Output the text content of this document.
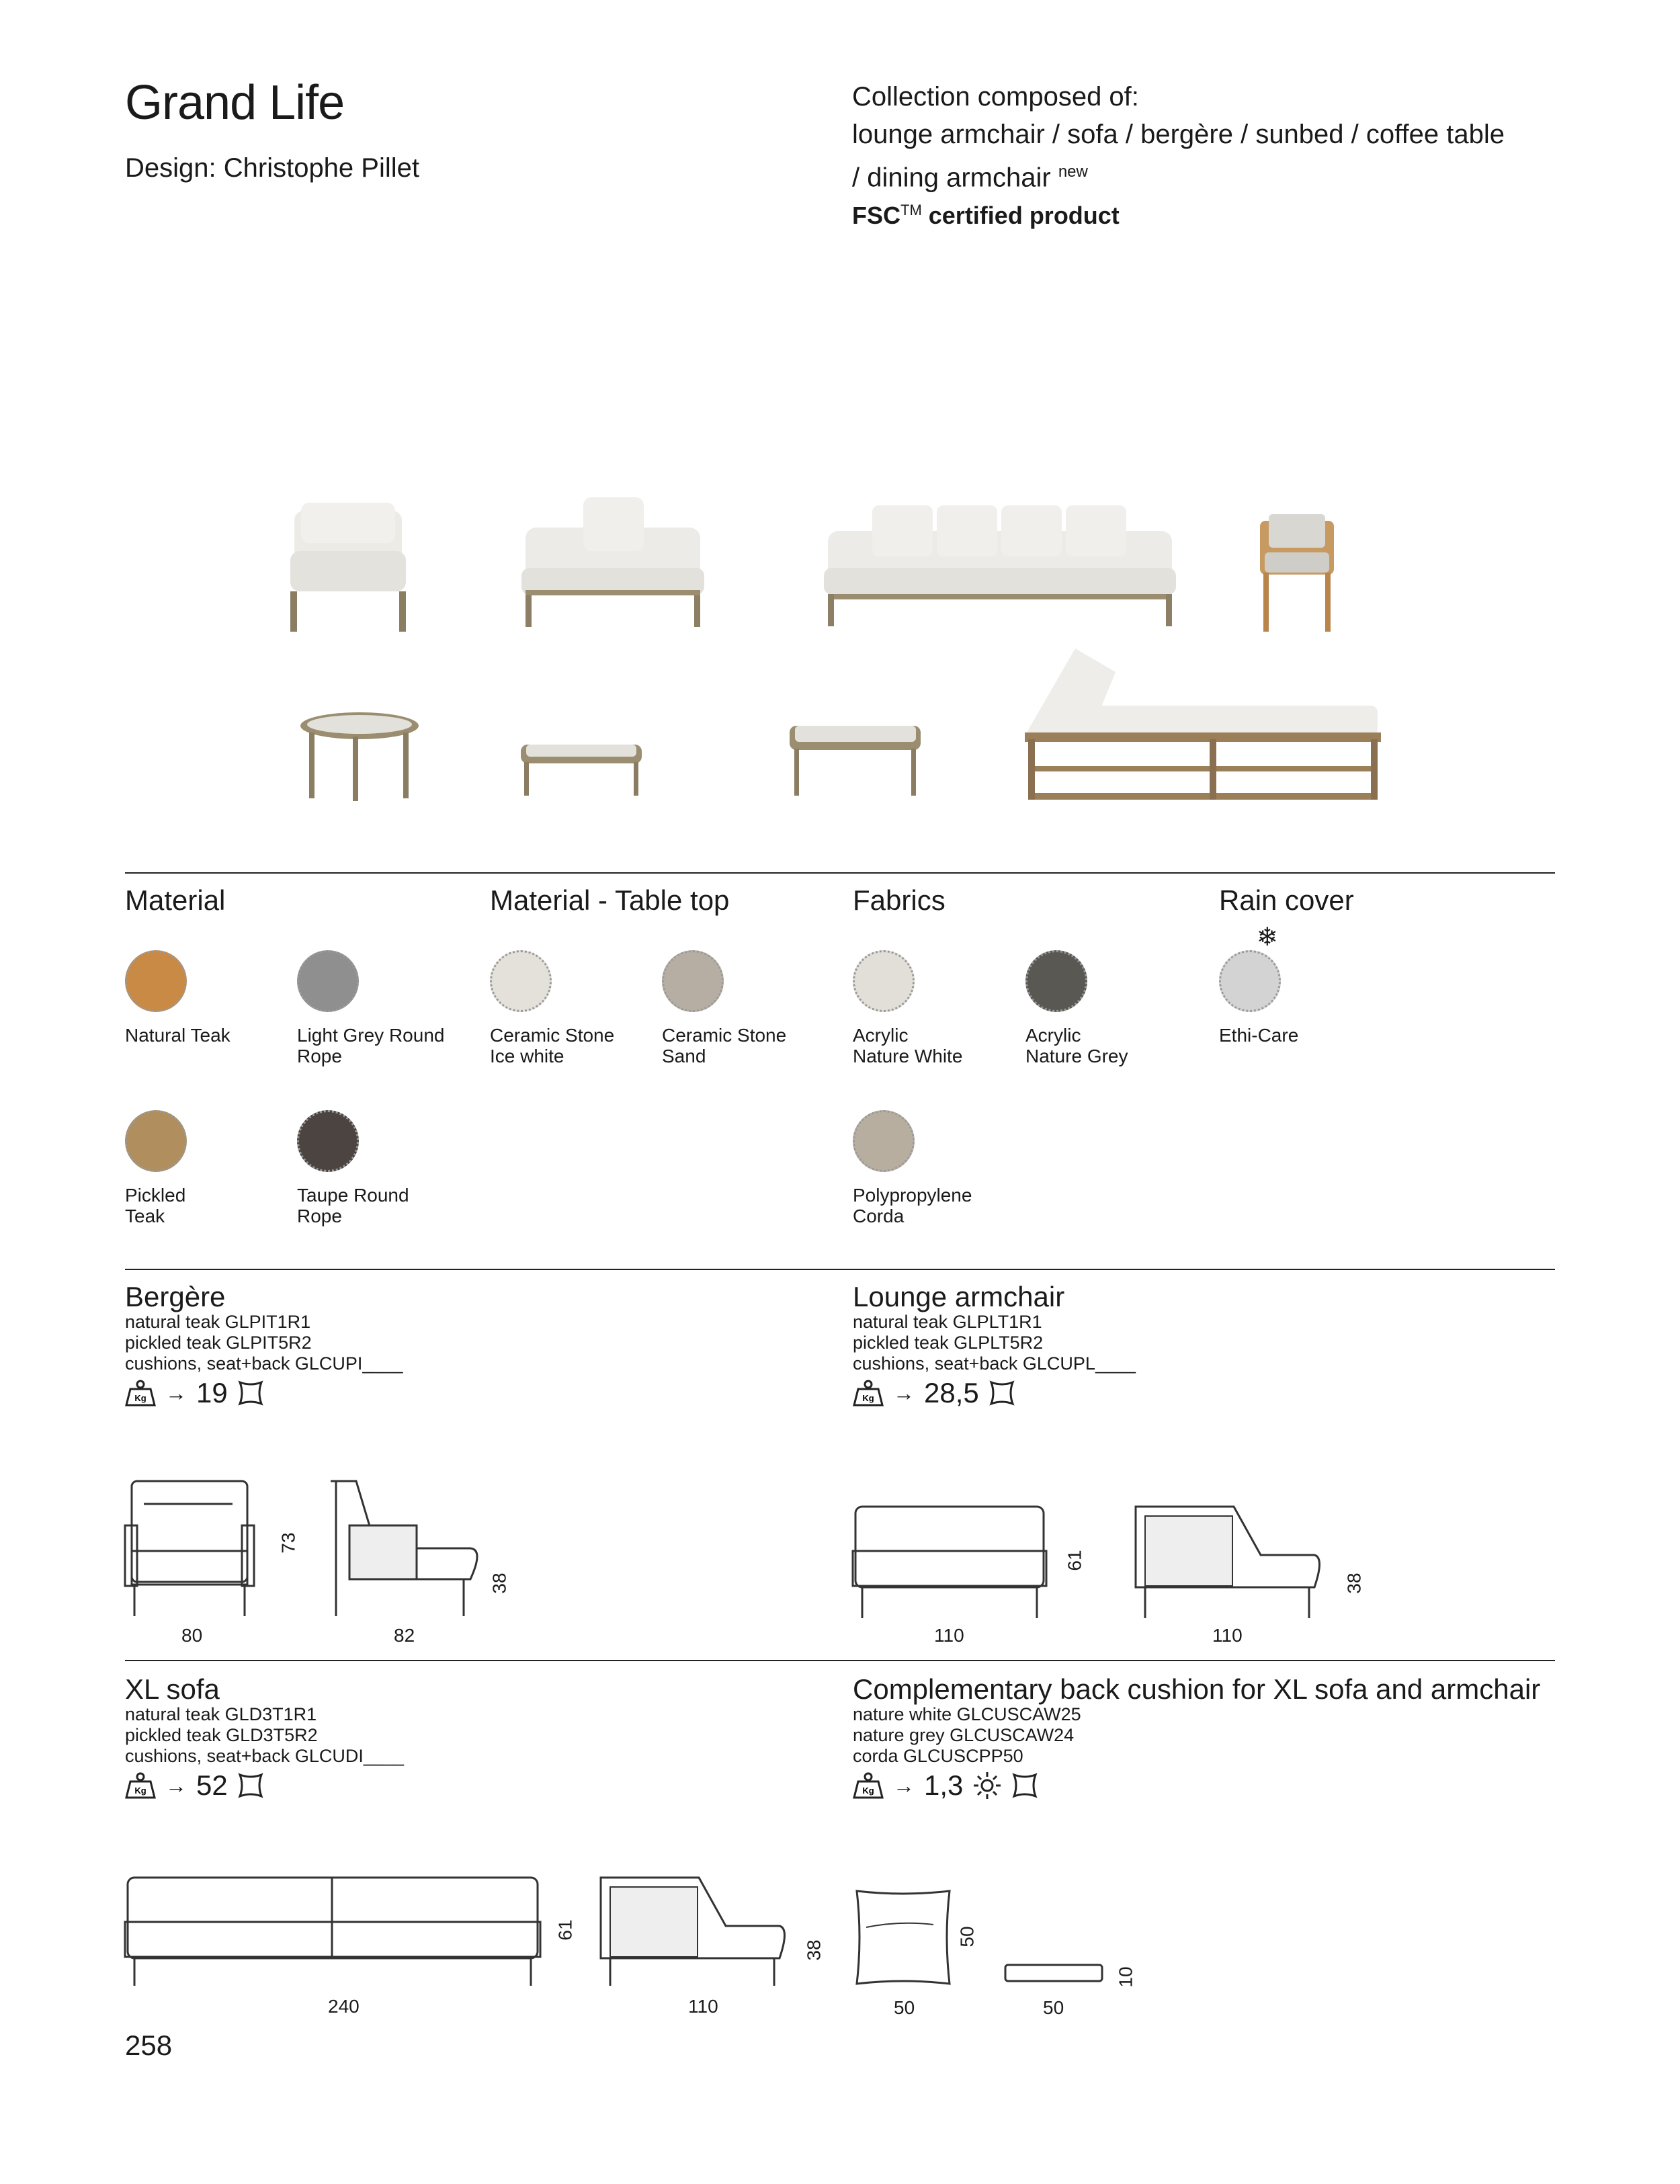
Grand Life
Design: Christophe Pillet
Collection composed of:
lounge armchair / sofa / bergère / sunbed / coffee table
/ dining armchair $^{new}$
FSC™ certified product
Material	Material - Table top	Fabrics	Rain cover
❄
Natural Teak	Light Grey Round
Rope
Pickled
Teak
Taupe Round
Rope
Ceramic Stone
Ice white
Ceramic Stone
Sand
Acrylic
Nature White
Acrylic
Nature Grey
Polypropylene
Corda
Ethi-Care
Bergère
natural teak GLPIT1R1
pickled teak GLPIT5R2
cushions, seat+back GLCUPI____
Kg → 19
Lounge armchair
natural teak GLPLT1R1
pickled teak GLPLT5R2
cushions, seat+back GLCUPL____
Kg → 28,5
80	82
73
38
110	110
61
38
XL sofa
natural teak GLD3T1R1
pickled teak GLD3T5R2
cushions, seat+back GLCUDI____
Kg → 52
Complementary back cushion for XL sofa and armchair
nature white GLCUSCAW25
nature grey GLCUSCAW24
corda GLCUSCPP50
Kg → 1,3
240	110
61
38
50	50
50
10
258
